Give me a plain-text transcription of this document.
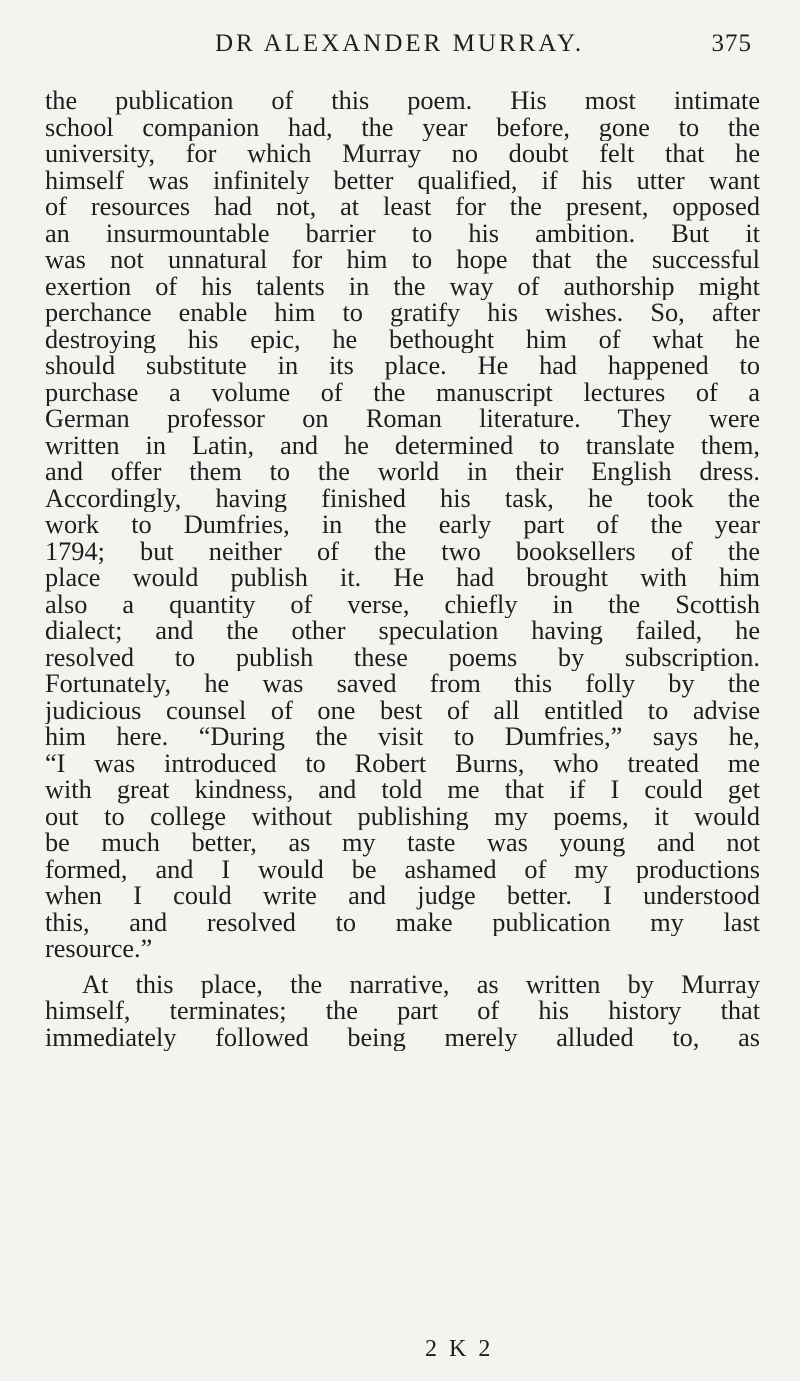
DR ALEXANDER MURRAY.	375
the publication of this poem. His most intimate
school companion had, the year before, gone to the
university, for which Murray no doubt felt that he
himself was infinitely better qualified, if his utter want
of resources had not, at least for the present, opposed
an insurmountable barrier to his ambition. But it
was not unnatural for him to hope that the successful
exertion of his talents in the way of authorship might
perchance enable him to gratify his wishes. So, after
destroying his epic, he bethought him of what he
should substitute in its place. He had happened to
purchase a volume of the manuscript lectures of a
German professor on Roman literature. They were
written in Latin, and he determined to translate them,
and offer them to the world in their English dress.
Accordingly, having finished his task, he took the
work to Dumfries, in the early part of the year
1794; but neither of the two booksellers of the
place would publish it. He had brought with him
also a quantity of verse, chiefly in the Scottish
dialect; and the other speculation having failed, he
resolved to publish these poems by subscription.
Fortunately, he was saved from this folly by the
judicious counsel of one best of all entitled to advise
him here. “During the visit to Dumfries,” says he,
“I was introduced to Robert Burns, who treated me
with great kindness, and told me that if I could get
out to college without publishing my poems, it would
be much better, as my taste was young and not
formed, and I would be ashamed of my productions
when I could write and judge better. I understood
this, and resolved to make publication my last
resource.”
At this place, the narrative, as written by Murray
himself, terminates; the part of his history that
immediately followed being merely alluded to, as
2 K 2
